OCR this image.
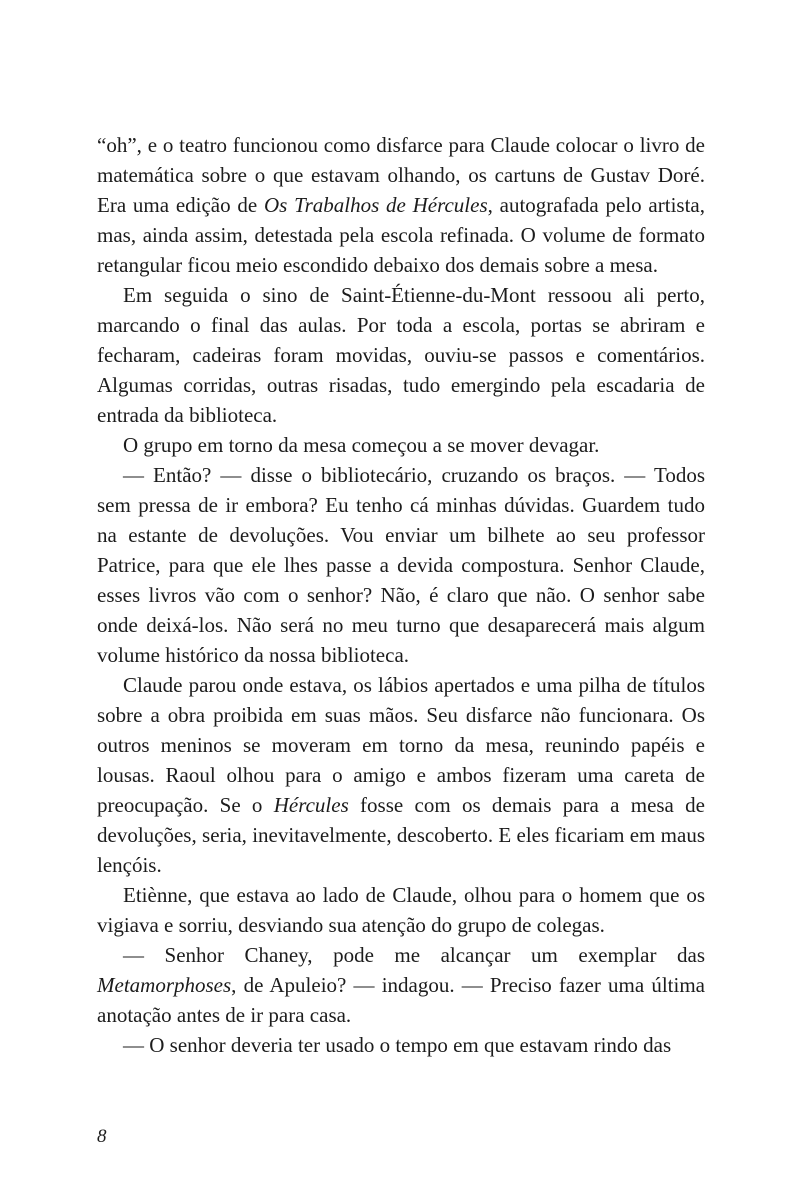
“oh”, e o teatro funcionou como disfarce para Claude colocar o livro de matemática sobre o que estavam olhando, os cartuns de Gustav Doré. Era uma edição de Os Trabalhos de Hércules, autografada pelo artista, mas, ainda assim, detestada pela escola refinada. O volume de formato retangular ficou meio escondido debaixo dos demais sobre a mesa.

Em seguida o sino de Saint-Étienne-du-Mont ressoou ali perto, marcando o final das aulas. Por toda a escola, portas se abriram e fecharam, cadeiras foram movidas, ouviu-se passos e comentários. Algumas corridas, outras risadas, tudo emergindo pela escadaria de entrada da biblioteca.

O grupo em torno da mesa começou a se mover devagar.

— Então? — disse o bibliotecário, cruzando os braços. — Todos sem pressa de ir embora? Eu tenho cá minhas dúvidas. Guardem tudo na estante de devoluções. Vou enviar um bilhete ao seu professor Patrice, para que ele lhes passe a devida compostura. Senhor Claude, esses livros vão com o senhor? Não, é claro que não. O senhor sabe onde deixá-los. Não será no meu turno que desaparecerá mais algum volume histórico da nossa biblioteca.

Claude parou onde estava, os lábios apertados e uma pilha de títulos sobre a obra proibida em suas mãos. Seu disfarce não funcionara. Os outros meninos se moveram em torno da mesa, reunindo papéis e lousas. Raoul olhou para o amigo e ambos fizeram uma careta de preocupação. Se o Hércules fosse com os demais para a mesa de devoluções, seria, inevitavelmente, descoberto. E eles ficariam em maus lençóis.

Etiènne, que estava ao lado de Claude, olhou para o homem que os vigiava e sorriu, desviando sua atenção do grupo de colegas.

— Senhor Chaney, pode me alcançar um exemplar das Metamorphoses, de Apuleio? — indagou. — Preciso fazer uma última anotação antes de ir para casa.

— O senhor deveria ter usado o tempo em que estavam rindo das

8
